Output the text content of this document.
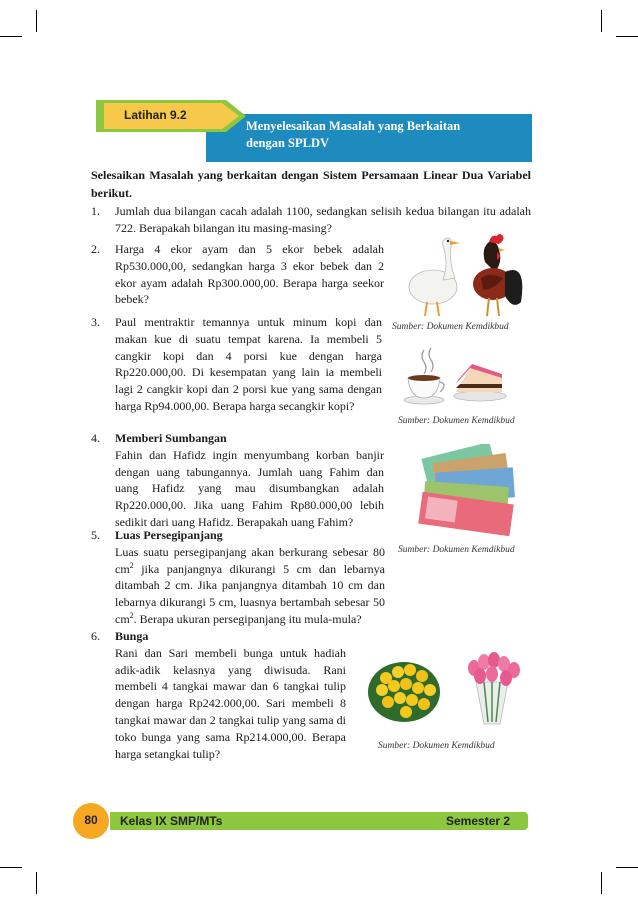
Menyelesaikan Masalah yang Berkaitan
dengan SPLDV
Latihan 9.2
Selesaikan Masalah yang berkaitan dengan Sistem Persamaan Linear Dua Variabel berikut.
1. Jumlah dua bilangan cacah adalah 1100, sedangkan selisih kedua bilangan itu adalah 722. Berapakah bilangan itu masing-masing?
2. Harga 4 ekor ayam dan 5 ekor bebek adalah Rp530.000,00, sedangkan harga 3 ekor bebek dan 2 ekor ayam adalah Rp300.000,00. Berapa harga seekor bebek?
3. Paul mentraktir temannya untuk minum kopi dan makan kue di suatu tempat karena. Ia membeli 5 cangkir kopi dan 4 porsi kue dengan harga Rp220.000,00. Di kesempatan yang lain ia membeli lagi 2 cangkir kopi dan 2 porsi kue yang sama dengan harga Rp94.000,00. Berapa harga secangkir kopi?
4. Memberi Sumbangan
Fahin dan Hafidz ingin menyumbang korban banjir dengan uang tabungannya. Jumlah uang Fahim dan uang Hafidz yang mau disumbangkan adalah Rp220.000,00. Jika uang Fahim Rp80.000,00 lebih sedikit dari uang Hafidz. Berapakah uang Fahim?
5. Luas Persegipanjang
Luas suatu persegipanjang akan berkurang sebesar 80 $cm^2$ jika panjangnya dikurangi 5 cm dan lebarnya ditambah 2 cm. Jika panjangnya ditambah 10 cm dan lebarnya dikurangi 5 cm, luasnya bertambah sebesar 50 $cm^2$. Berapa ukuran persegipanjang itu mula-mula?
6. Bunga
Rani dan Sari membeli bunga untuk hadiah adik-adik kelasnya yang diwisuda. Rani membeli 4 tangkai mawar dan 6 tangkai tulip dengan harga Rp242.000,00. Sari membeli 8 tangkai mawar dan 2 tangkai tulip yang sama di toko bunga yang sama Rp214.000,00. Berapa harga setangkai tulip?
Sumber: Dokumen Kemdikbud
Sumber: Dokumen Kemdikbud
Sumber: Dokumen Kemdikbud
Sumber: Dokumen Kemdikbud
80	Kelas IX SMP/MTs	Semester 2
